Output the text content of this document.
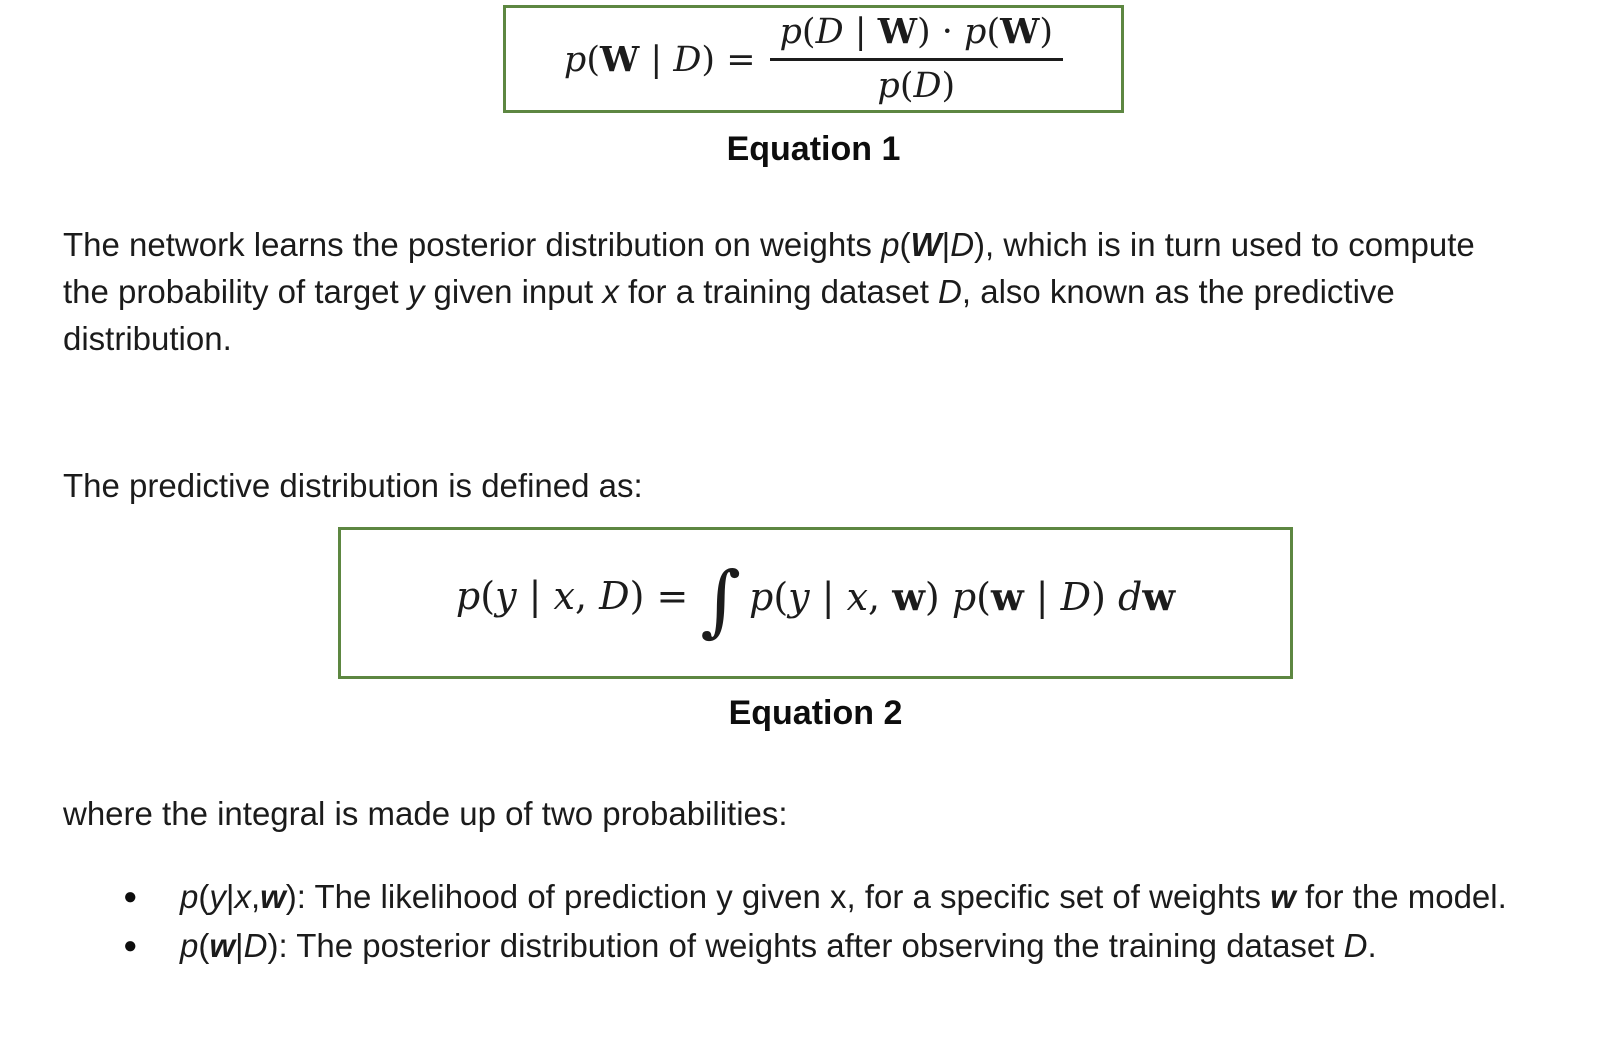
p(W | $D) = \frac{p(D | W) \cdot p(W)}{p(D)}$
Equation 1

The network learns the posterior distribution on weights p(W|D), which is in turn used to compute the probability of target y given input x for a training dataset D, also known as the predictive distribution.

The predictive distribution is defined as:

p(y | x, D) = ∫ p(y | x, w) p(w | D) dw
Equation 2

where the integral is made up of two probabilities:

● p(y|x,w): The likelihood of prediction y given x, for a specific set of weights w for the model.
● p(w|D): The posterior distribution of weights after observing the training dataset D.
